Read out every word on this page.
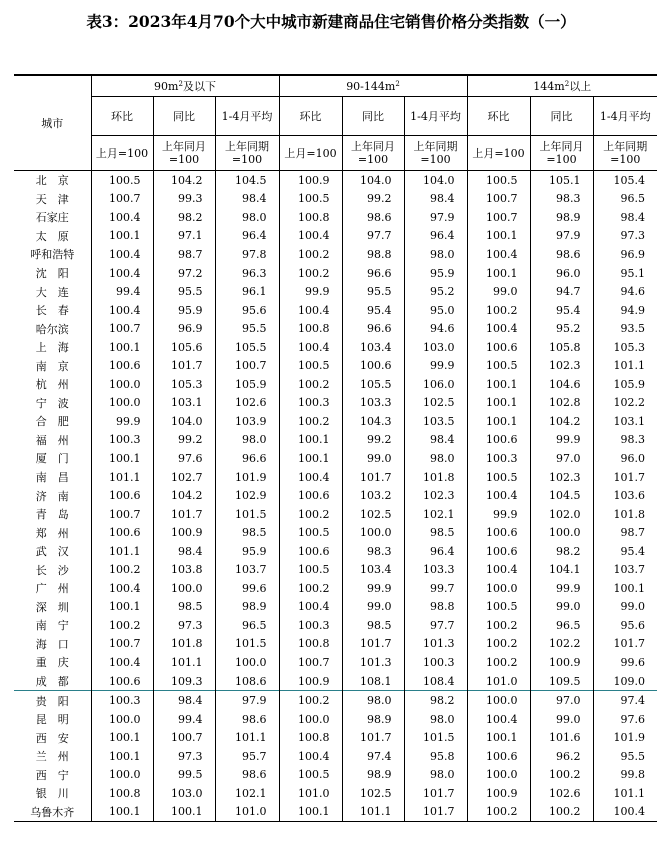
表3：2023年4月70个大中城市新建商品住宅销售价格分类指数（一）
城市	$90m^2$及以下			$90-144m^2$			$144m^2$以上		
	环比	同比	1-4月平均	环比	同比	1-4月平均	环比	同比	1-4月平均
	上月=100	上年同月=100	上年同期=100	上月=100	上年同月=100	上年同期=100	上月=100	上年同月=100	上年同期=100
北　京	100.5	104.2	104.5	100.9	104.0	104.0	100.5	105.1	105.4
天　津	100.7	99.3	98.4	100.5	99.2	98.4	100.7	98.3	96.5
石家庄	100.4	98.2	98.0	100.8	98.6	97.9	100.7	98.9	98.4
太　原	100.1	97.1	96.4	100.4	97.7	96.4	100.1	97.9	97.3
呼和浩特	100.4	98.7	97.8	100.2	98.8	98.0	100.4	98.6	96.9
沈　阳	100.4	97.2	96.3	100.2	96.6	95.9	100.1	96.0	95.1
大　连	99.4	95.5	96.1	99.9	95.5	95.2	99.0	94.7	94.6
长　春	100.4	95.9	95.6	100.4	95.4	95.0	100.2	95.4	94.9
哈尔滨	100.7	96.9	95.5	100.8	96.6	94.6	100.4	95.2	93.5
上　海	100.1	105.6	105.5	100.4	103.4	103.0	100.6	105.8	105.3
南　京	100.6	101.7	100.7	100.5	100.6	99.9	100.5	102.3	101.1
杭　州	100.0	105.3	105.9	100.2	105.5	106.0	100.1	104.6	105.9
宁　波	100.0	103.1	102.6	100.3	103.3	102.5	100.1	102.8	102.2
合　肥	99.9	104.0	103.9	100.2	104.3	103.5	100.1	104.2	103.1
福　州	100.3	99.2	98.0	100.1	99.2	98.4	100.6	99.9	98.3
厦　门	100.1	97.6	96.6	100.1	99.0	98.0	100.3	97.0	96.0
南　昌	101.1	102.7	101.9	100.4	101.7	101.8	100.5	102.3	101.7
济　南	100.6	104.2	102.9	100.6	103.2	102.3	100.4	104.5	103.6
青　岛	100.7	101.7	101.5	100.2	102.5	102.1	99.9	102.0	101.8
郑　州	100.6	100.9	98.5	100.5	100.0	98.5	100.6	100.0	98.7
武　汉	101.1	98.4	95.9	100.6	98.3	96.4	100.6	98.2	95.4
长　沙	100.2	103.8	103.7	100.5	103.4	103.3	100.4	104.1	103.7
广　州	100.4	100.0	99.6	100.2	99.9	99.7	100.0	99.9	100.1
深　圳	100.1	98.5	98.9	100.4	99.0	98.8	100.5	99.0	99.0
南　宁	100.2	97.3	96.5	100.3	98.5	97.7	100.2	96.5	95.6
海　口	100.7	101.8	101.5	100.8	101.7	101.3	100.2	102.2	101.7
重　庆	100.4	101.1	100.0	100.7	101.3	100.3	100.2	100.9	99.6
成　都	100.6	109.3	108.6	100.9	108.1	108.4	101.0	109.5	109.0
贵　阳	100.3	98.4	97.9	100.2	98.0	98.2	100.0	97.0	97.4
昆　明	100.0	99.4	98.6	100.0	98.9	98.0	100.4	99.0	97.6
西　安	100.1	100.7	101.1	100.8	101.7	101.5	100.1	101.6	101.9
兰　州	100.1	97.3	95.7	100.4	97.4	95.8	100.6	96.2	95.5
西　宁	100.0	99.5	98.6	100.5	98.9	98.0	100.0	100.2	99.8
银　川	100.8	103.0	102.1	101.0	102.5	101.7	100.9	102.6	101.1
乌鲁木齐	100.1	100.1	101.0	100.1	101.1	101.7	100.2	100.2	100.4
